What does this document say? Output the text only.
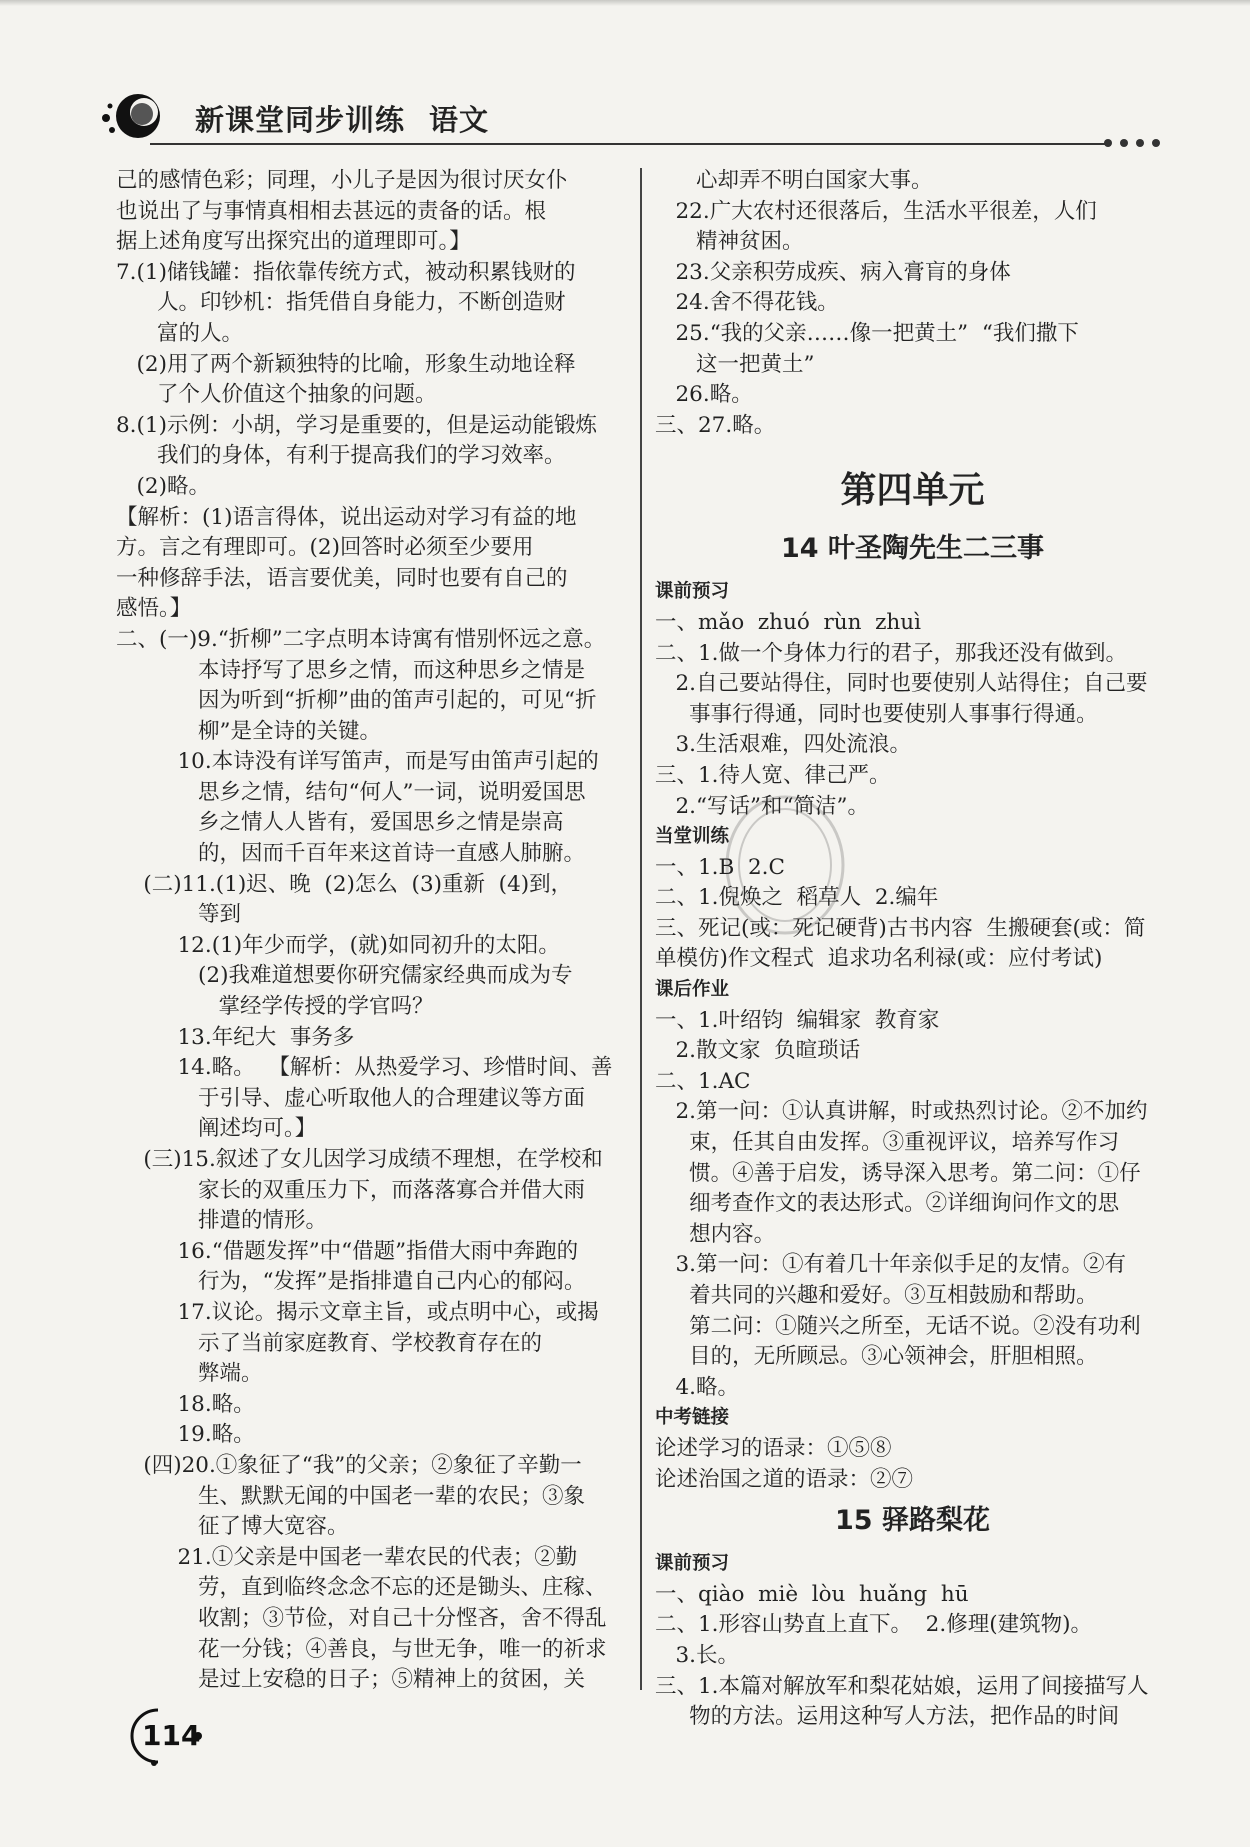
新课堂同步训练 语文
己的感情色彩；同理，小儿子是因为很讨厌女仆
也说出了与事情真相相去甚远的责备的话。根
据上述角度写出探究出的道理即可。】
7.(1)储钱罐：指依靠传统方式，被动积累钱财的
人。印钞机：指凭借自身能力，不断创造财
富的人。
(2)用了两个新颖独特的比喻，形象生动地诠释
了个人价值这个抽象的问题。
8.(1)示例：小胡，学习是重要的，但是运动能锻炼
我们的身体，有利于提高我们的学习效率。
(2)略。
【解析：(1)语言得体，说出运动对学习有益的地
方。言之有理即可。(2)回答时必须至少要用
一种修辞手法，语言要优美，同时也要有自己的
感悟。】
二、(一)9.“折柳”二字点明本诗寓有惜别怀远之意。
本诗抒写了思乡之情，而这种思乡之情是
因为听到“折柳”曲的笛声引起的，可见“折
柳”是全诗的关键。
10.本诗没有详写笛声，而是写由笛声引起的
思乡之情，结句“何人”一词，说明爱国思
乡之情人人皆有，爱国思乡之情是崇高
的，因而千百年来这首诗一直感人肺腑。
(二)11.(1)迟、晚  (2)怎么  (3)重新  (4)到，
等到
12.(1)年少而学，(就)如同初升的太阳。
(2)我难道想要你研究儒家经典而成为专
掌经学传授的学官吗？
13.年纪大  事务多
14.略。  【解析：从热爱学习、珍惜时间、善
于引导、虚心听取他人的合理建议等方面
阐述均可。】
(三)15.叙述了女儿因学习成绩不理想，在学校和
家长的双重压力下，而落落寡合并借大雨
排遣的情形。
16.“借题发挥”中“借题”指借大雨中奔跑的
行为，“发挥”是指排遣自己内心的郁闷。
17.议论。揭示文章主旨，或点明中心，或揭
示了当前家庭教育、学校教育存在的
弊端。
18.略。
19.略。
(四)20.①象征了“我”的父亲；②象征了辛勤一
生、默默无闻的中国老一辈的农民；③象
征了博大宽容。
21.①父亲是中国老一辈农民的代表；②勤
劳，直到临终念念不忘的还是锄头、庄稼、
收割；③节俭，对自己十分悭吝，舍不得乱
花一分钱；④善良，与世无争，唯一的祈求
是过上安稳的日子；⑤精神上的贫困，关
心却弄不明白国家大事。
22.广大农村还很落后，生活水平很差，人们
精神贫困。
23.父亲积劳成疾、病入膏肓的身体
24.舍不得花钱。
25.“我的父亲……像一把黄土”  “我们撒下
这一把黄土”
26.略。
三、27.略。
第四单元
14 叶圣陶先生二三事
课前预习
一、mǎo  zhuó  rùn  zhuì
二、1.做一个身体力行的君子，那我还没有做到。
2.自己要站得住，同时也要使别人站得住；自己要
事事行得通，同时也要使别人事事行得通。
3.生活艰难，四处流浪。
三、1.待人宽、律己严。
2.“写话”和“简洁”。
当堂训练
一、1.B  2.C
二、1.倪焕之  稻草人  2.编年
三、死记(或：死记硬背)古书内容  生搬硬套(或：简
单模仿)作文程式  追求功名利禄(或：应付考试)
课后作业
一、1.叶绍钧  编辑家  教育家
2.散文家  负暄琐话
二、1.AC
2.第一问：①认真讲解，时或热烈讨论。②不加约
束，任其自由发挥。③重视评议，培养写作习
惯。④善于启发，诱导深入思考。第二问：①仔
细考查作文的表达形式。②详细询问作文的思
想内容。
3.第一问：①有着几十年亲似手足的友情。②有
着共同的兴趣和爱好。③互相鼓励和帮助。
第二问：①随兴之所至，无话不说。②没有功利
目的，无所顾忌。③心领神会，肝胆相照。
4.略。
中考链接
论述学习的语录：①⑤⑧
论述治国之道的语录：②⑦
15 驿路梨花
课前预习
一、qiào  miè  lòu  huǎng  hū
二、1.形容山势直上直下。  2.修理(建筑物)。
3.长。
三、1.本篇对解放军和梨花姑娘，运用了间接描写人
物的方法。运用这种写人方法，把作品的时间
114
